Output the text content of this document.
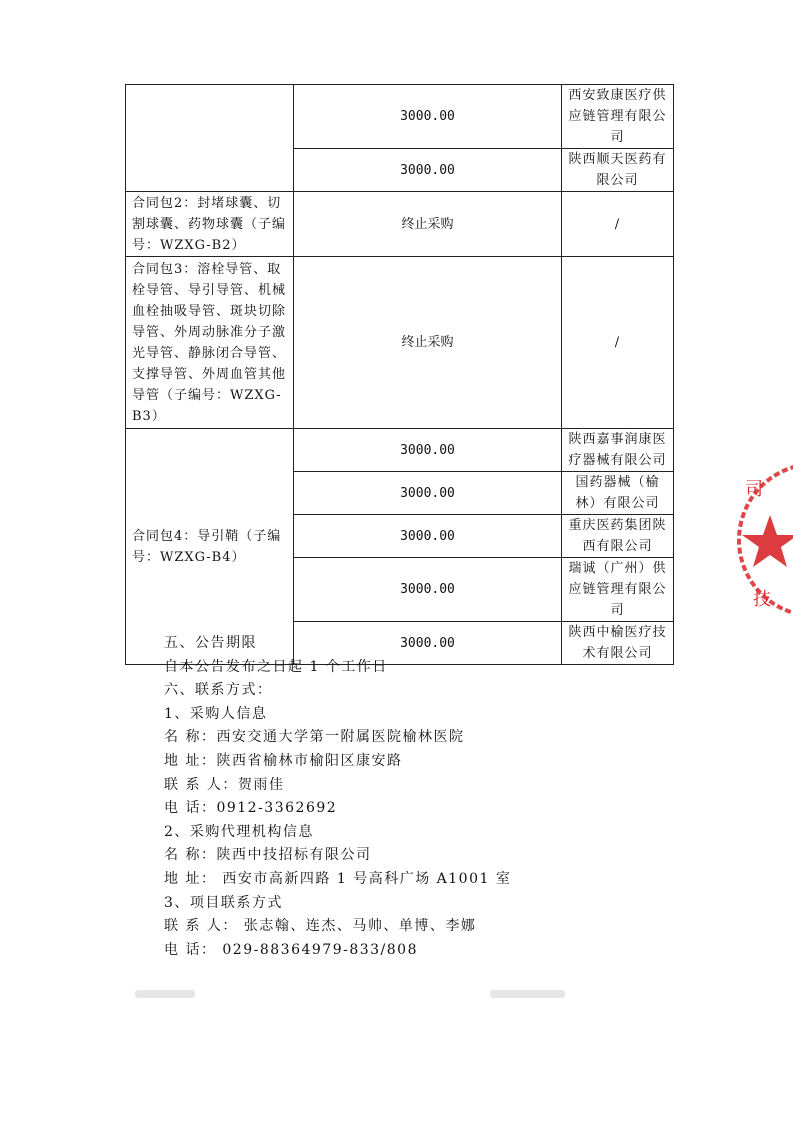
	3000.00	西安致康医疗供应链管理有限公司
	3000.00	陕西顺天医药有限公司
合同包2：封堵球囊、切割球囊、药物球囊（子编号：WZXG-B2）	终止采购	/
合同包3：溶栓导管、取栓导管、导引导管、机械血栓抽吸导管、斑块切除导管、外周动脉准分子激光导管、静脉闭合导管、支撑导管、外周血管其他导管（子编号：WZXG-B3）	终止采购	/
合同包4：导引鞘（子编号：WZXG-B4）	3000.00	陕西嘉事润康医疗器械有限公司
	3000.00	国药器械（榆林）有限公司
	3000.00	重庆医药集团陕西有限公司
	3000.00	瑞诚（广州）供应链管理有限公司
	3000.00	陕西中榆医疗技术有限公司
五、公告期限
自本公告发布之日起 1 个工作日
六、联系方式：
1、采购人信息
名 称：西安交通大学第一附属医院榆林医院
地 址：陕西省榆林市榆阳区康安路
联 系 人：贺雨佳
电 话：0912-3362692
2、采购代理机构信息
名 称：陕西中技招标有限公司
地 址： 西安市高新四路 1 号高科广场 A1001 室
3、项目联系方式
联 系 人： 张志翰、连杰、马帅、单博、李娜
电 话： 029-88364979-833/808
司
技
